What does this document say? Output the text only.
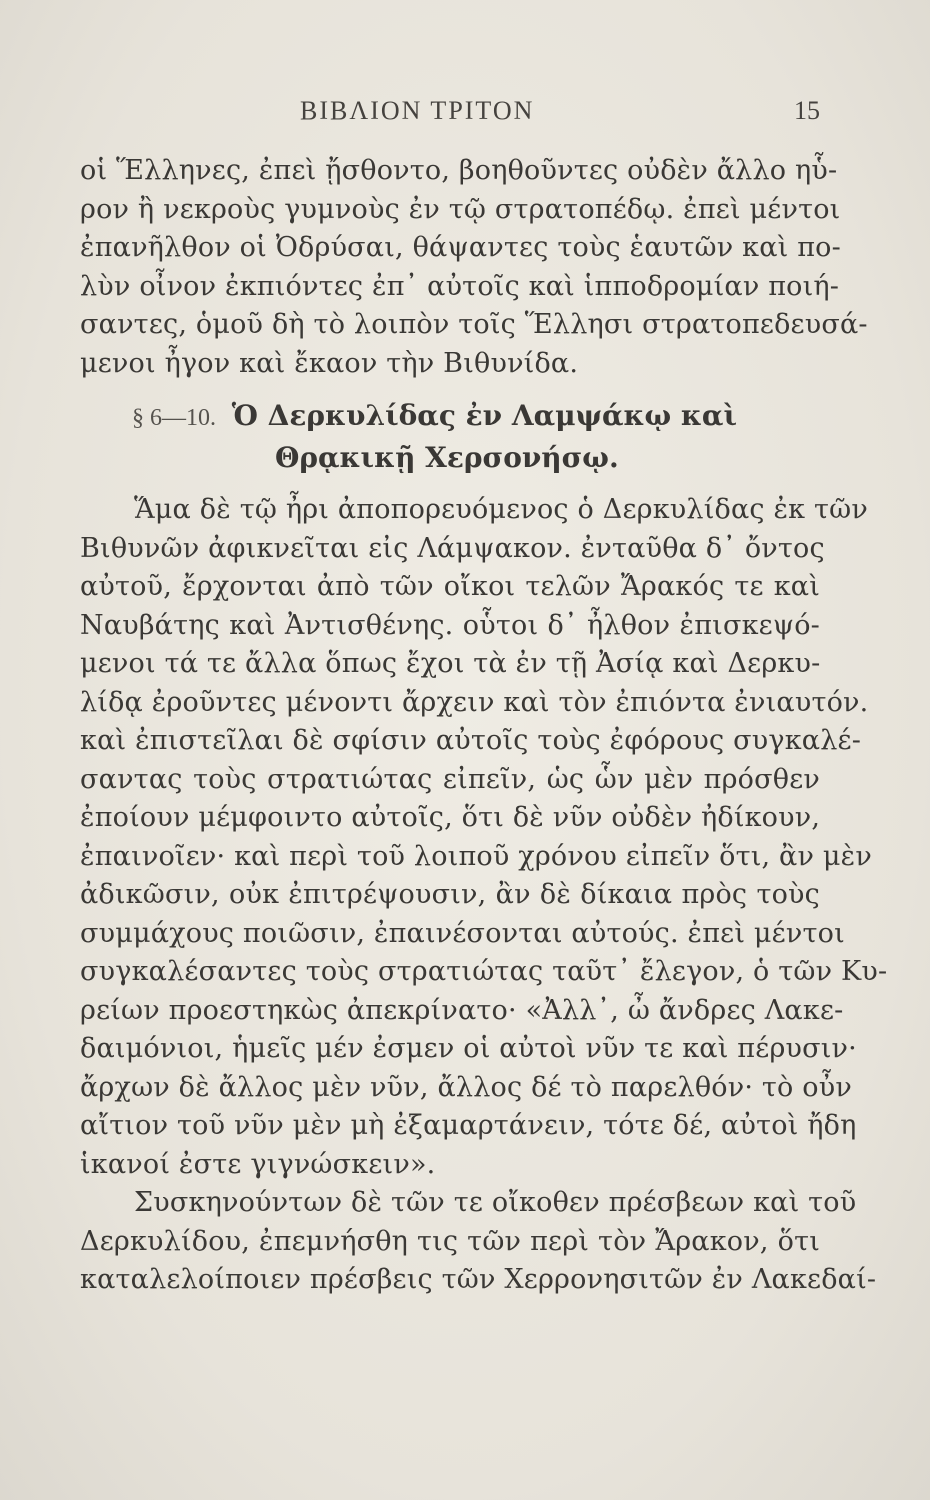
ΒΙΒΛΙΟΝ ΤΡΙΤΟΝ	15
οἱ Ἕλληνες, ἐπεὶ ᾔσθοντο, βοηθοῦντες οὐδὲν ἄλλο ηὗ-
ρον ἢ νεκροὺς γυμνοὺς ἐν τῷ στρατοπέδῳ. ἐπεὶ μέντοι
ἐπανῆλθον οἱ Ὀδρύσαι, θάψαντες τοὺς ἑαυτῶν καὶ πο-
λὺν οἶνον ἐκπιόντες ἐπ᾽ αὐτοῖς καὶ ἱπποδρομίαν ποιή-
σαντες, ὁμοῦ δὴ τὸ λοιπὸν τοῖς Ἕλλησι στρατοπεδευσά-
μενοι ἦγον καὶ ἔκαον τὴν Βιθυνίδα.
§ 6—10. Ὁ Δερκυλίδας ἐν Λαμψάκῳ καὶ
Θρᾳκικῇ Χερσονήσῳ.
Ἅμα δὲ τῷ ἦρι ἀποπορευόμενος ὁ Δερκυλίδας ἐκ τῶν
Βιθυνῶν ἀφικνεῖται εἰς Λάμψακον. ἐνταῦθα δ᾽ ὄντος
αὐτοῦ, ἔρχονται ἀπὸ τῶν οἴκοι τελῶν Ἄρακός τε καὶ
Ναυβάτης καὶ Ἀντισθένης. οὗτοι δ᾽ ἦλθον ἐπισκεψό-
μενοι τά τε ἄλλα ὅπως ἔχοι τὰ ἐν τῇ Ἀσίᾳ καὶ Δερκυ-
λίδᾳ ἐροῦντες μένοντι ἄρχειν καὶ τὸν ἐπιόντα ἐνιαυτόν.
καὶ ἐπιστεῖλαι δὲ σφίσιν αὐτοῖς τοὺς ἐφόρους συγκαλέ-
σαντας τοὺς στρατιώτας εἰπεῖν, ὡς ὧν μὲν πρόσθεν
ἐποίουν μέμφοιντο αὐτοῖς, ὅτι δὲ νῦν οὐδὲν ἠδίκουν,
ἐπαινοῖεν· καὶ περὶ τοῦ λοιποῦ χρόνου εἰπεῖν ὅτι, ἂν μὲν
ἀδικῶσιν, οὐκ ἐπιτρέψουσιν, ἂν δὲ δίκαια πρὸς τοὺς
συμμάχους ποιῶσιν, ἐπαινέσονται αὐτούς. ἐπεὶ μέντοι
συγκαλέσαντες τοὺς στρατιώτας ταῦτ᾽ ἔλεγον, ὁ τῶν Κυ-
ρείων προεστηκὼς ἀπεκρίνατο· «Ἀλλ᾽, ὦ ἄνδρες Λακε-
δαιμόνιοι, ἡμεῖς μέν ἐσμεν οἱ αὐτοὶ νῦν τε καὶ πέρυσιν·
ἄρχων δὲ ἄλλος μὲν νῦν, ἄλλος δέ τὸ παρελθόν· τὸ οὖν
αἴτιον τοῦ νῦν μὲν μὴ ἐξαμαρτάνειν, τότε δέ, αὐτοὶ ἤδη
ἱκανοί ἐστε γιγνώσκειν».
Συσκηνούντων δὲ τῶν τε οἴκοθεν πρέσβεων καὶ τοῦ
Δερκυλίδου, ἐπεμνήσθη τις τῶν περὶ τὸν Ἄρακον, ὅτι
καταλελοίποιεν πρέσβεις τῶν Χερρονησιτῶν ἐν Λακεδαί-
